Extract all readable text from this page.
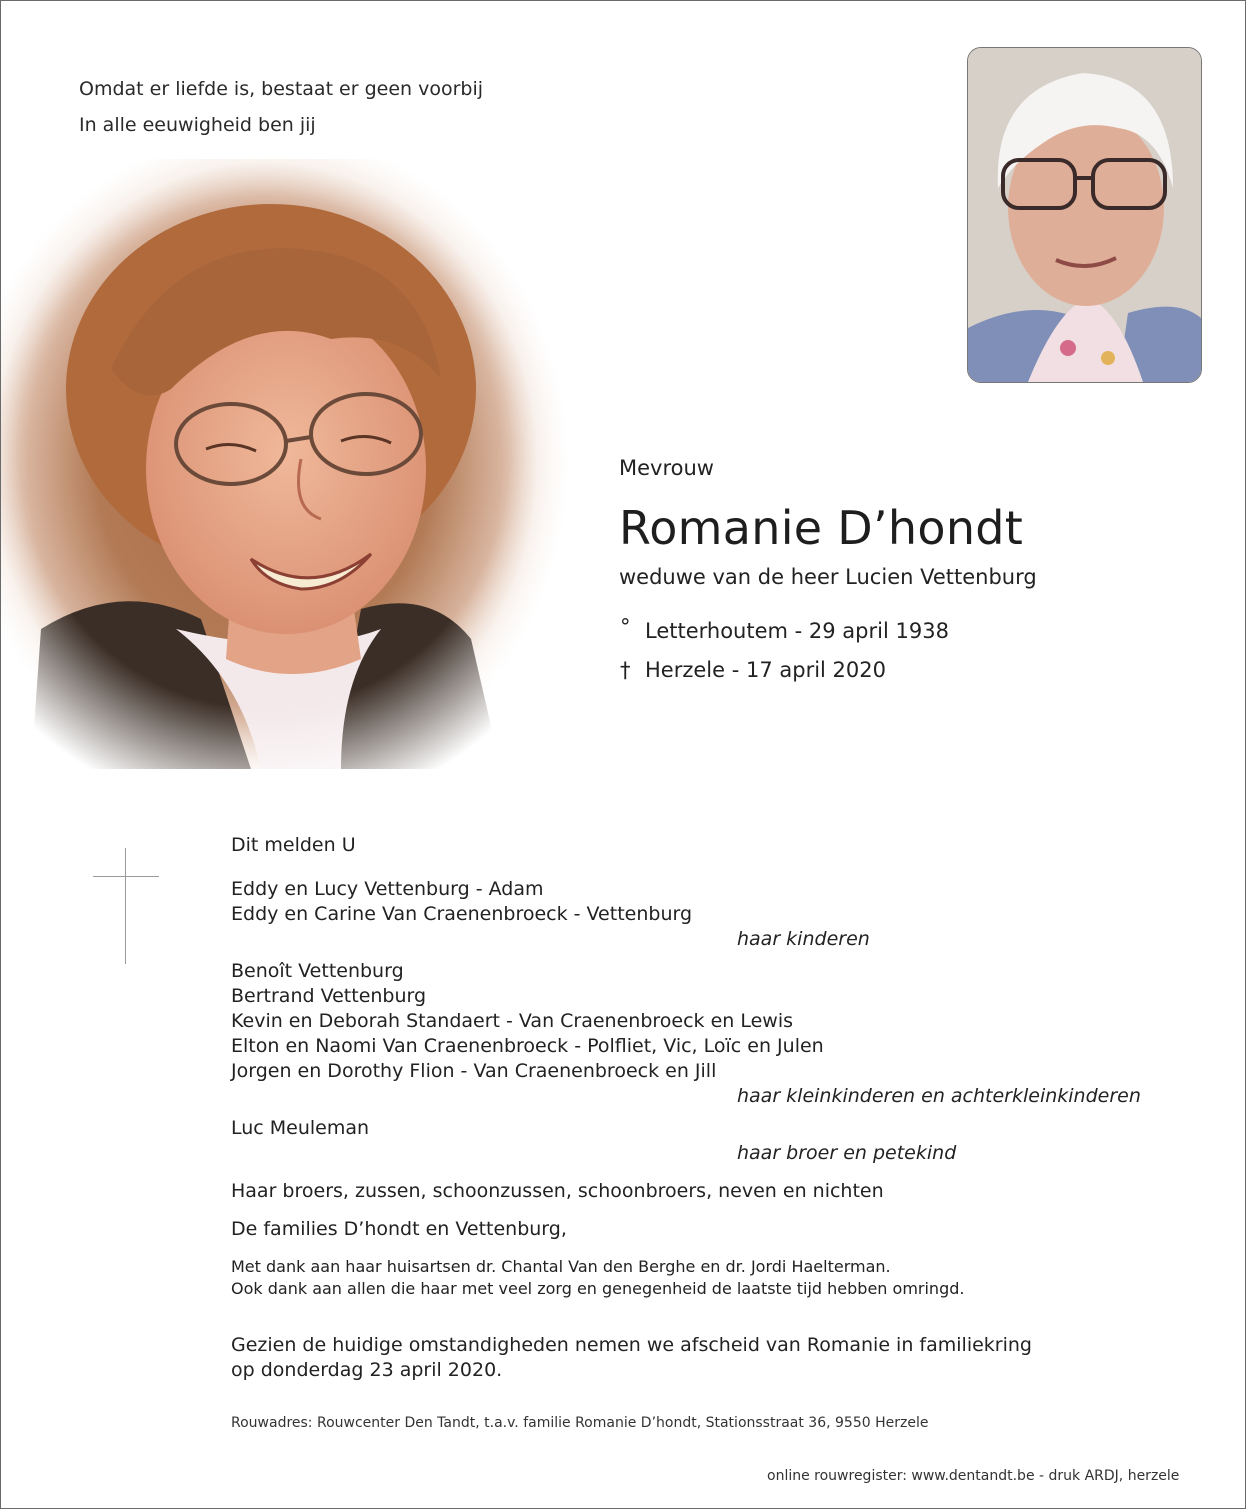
Omdat er liefde is, bestaat er geen voorbij
In alle eeuwigheid ben jij
Mevrouw
Romanie D’hondt
weduwe van de heer Lucien Vettenburg
° Letterhoutem - 29 april 1938
† Herzele - 17 april 2020
Dit melden U
Eddy en Lucy Vettenburg - Adam
Eddy en Carine Van Craenenbroeck - Vettenburg
haar kinderen
Benoît Vettenburg
Bertrand Vettenburg
Kevin en Deborah Standaert - Van Craenenbroeck en Lewis
Elton en Naomi Van Craenenbroeck - Polfliet, Vic, Loïc en Julen
Jorgen en Dorothy Flion - Van Craenenbroeck en Jill
haar kleinkinderen en achterkleinkinderen
Luc Meuleman
haar broer en petekind
Haar broers, zussen, schoonzussen, schoonbroers, neven en nichten
De families D’hondt en Vettenburg,
Met dank aan haar huisartsen dr. Chantal Van den Berghe en dr. Jordi Haelterman.
Ook dank aan allen die haar met veel zorg en genegenheid de laatste tijd hebben omringd.
Gezien de huidige omstandigheden nemen we afscheid van Romanie in familiekring
op donderdag 23 april 2020.
Rouwadres: Rouwcenter Den Tandt, t.a.v. familie Romanie D’hondt, Stationsstraat 36, 9550 Herzele
online rouwregister: www.dentandt.be - druk ARDJ, herzele
